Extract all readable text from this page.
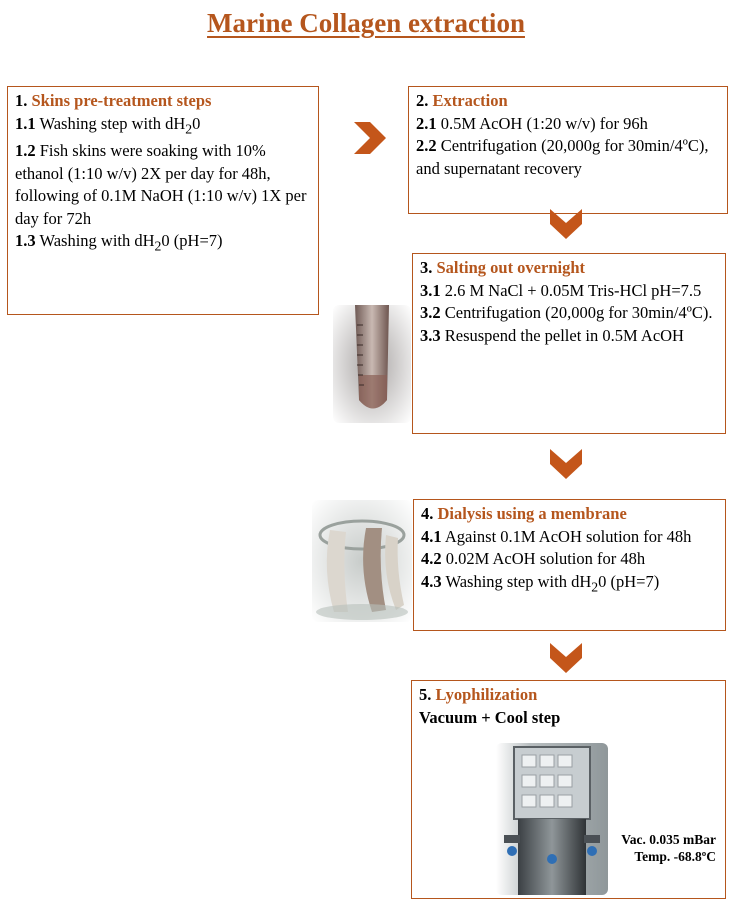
Marine Collagen extraction
1. Skins pre-treatment steps
1.1 Washing step with $dH_20$
1.2 Fish skins were soaking with 10% ethanol (1:10 w/v) 2X per day for 48h, following of 0.1M NaOH (1:10 w/v) 1X per day for 72h
1.3 Washing with $dH_20$ (pH=7)
2. Extraction
2.1 0.5M AcOH (1:20 w/v) for 96h
2.2 Centrifugation (20,000g for 30min/4ºC), and supernatant recovery
3. Salting out overnight
3.1 2.6 M NaCl + 0.05M Tris-HCl pH=7.5
3.2 Centrifugation (20,000g for 30min/4ºC).
3.3 Resuspend the pellet in 0.5M AcOH
4. Dialysis using a membrane
4.1 Against 0.1M AcOH solution for 48h
4.2 0.02M AcOH solution for 48h
4.3 Washing step with $dH_20$ (pH=7)
5. Lyophilization
Vacuum + Cool step
Vac. 0.035 mBar
Temp. -68.8ºC
